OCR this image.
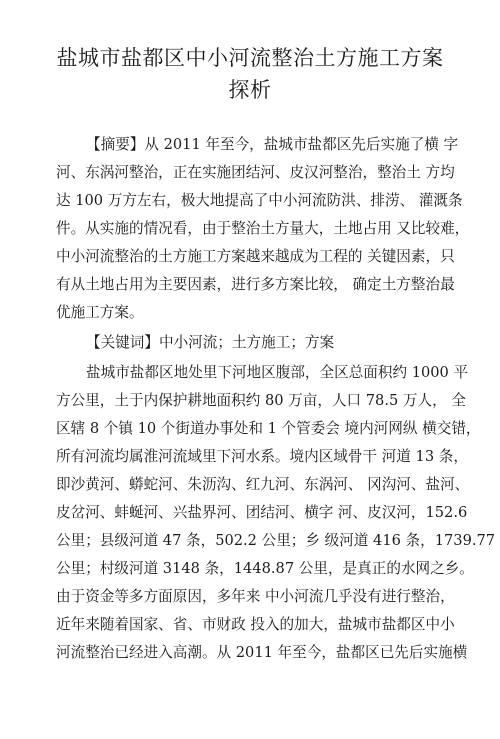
盐城市盐都区中小河流整治土方施工方案
探析
【摘要】从 2011 年至今，盐城市盐都区先后实施了横 字
河、东涡河整治，正在实施团结河、皮汉河整治，整治土 方均
达 100 万方左右，极大地提高了中小河流防洪、排涝、 灌溉条
件。从实施的情况看，由于整治土方量大，土地占用 又比较难，
中小河流整治的土方施工方案越来越成为工程的 关键因素，只
有从土地占用为主要因素，进行多方案比较， 确定土方整治最
优施工方案。
【关键词】中小河流；土方施工；方案
盐城市盐都区地处里下河地区腹部，全区总面积约 1000 平
方公里，土于内保护耕地面积约 80 万亩，人口 78.5 万人， 全
区辖 8 个镇 10 个街道办事处和 1 个管委会 境内河网纵 横交错，
所有河流均属淮河流域里下河水系。境内区域骨干 河道 13 条，
即沙黄河、蟒蛇河、朱沥沟、红九河、东涡河、 冈沟河、盐河、
皮岔河、蚌蜒河、兴盐界河、团结河、横字 河、皮汉河，152.6
公里；县级河道 47 条，502.2 公里；乡 级河道 416 条，1739.77
公里；村级河道 3148 条，1448.87 公里，是真正的水网之乡。
由于资金等多方面原因，多年来 中小河流几乎没有进行整治，
近年来随着国家、省、市财政 投入的加大，盐城市盐都区中小
河流整治已经进入高潮。从 2011 年至今，盐都区已先后实施横
